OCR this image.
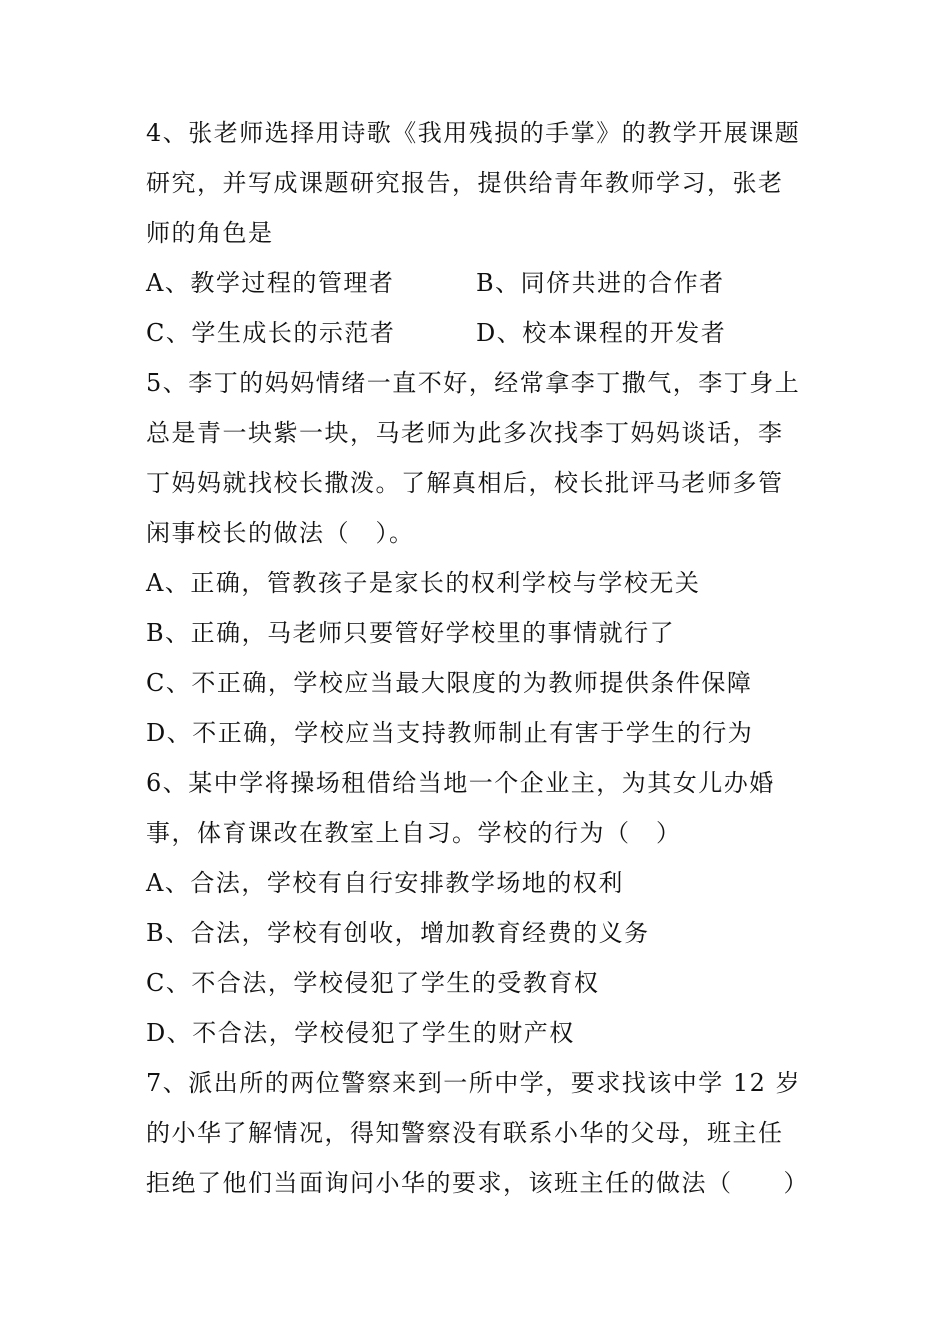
4、张老师选择用诗歌《我用残损的手掌》的教学开展课题
研究，并写成课题研究报告，提供给青年教师学习，张老
师的角色是
A、教学过程的管理者	B、同侪共进的合作者
C、学生成长的示范者	D、校本课程的开发者
5、李丁的妈妈情绪一直不好，经常拿李丁撒气，李丁身上
总是青一块紫一块，马老师为此多次找李丁妈妈谈话，李
丁妈妈就找校长撒泼。了解真相后，校长批评马老师多管
闲事校长的做法（　）。
A、正确，管教孩子是家长的权利学校与学校无关
B、正确，马老师只要管好学校里的事情就行了
C、不正确，学校应当最大限度的为教师提供条件保障
D、不正确，学校应当支持教师制止有害于学生的行为
6、某中学将操场租借给当地一个企业主，为其女儿办婚
事，体育课改在教室上自习。学校的行为（　）
A、合法，学校有自行安排教学场地的权利
B、合法，学校有创收，增加教育经费的义务
C、不合法，学校侵犯了学生的受教育权
D、不合法，学校侵犯了学生的财产权
7、派出所的两位警察来到一所中学，要求找该中学 12 岁
的小华了解情况，得知警察没有联系小华的父母，班主任
拒绝了他们当面询问小华的要求，该班主任的做法（　　）
